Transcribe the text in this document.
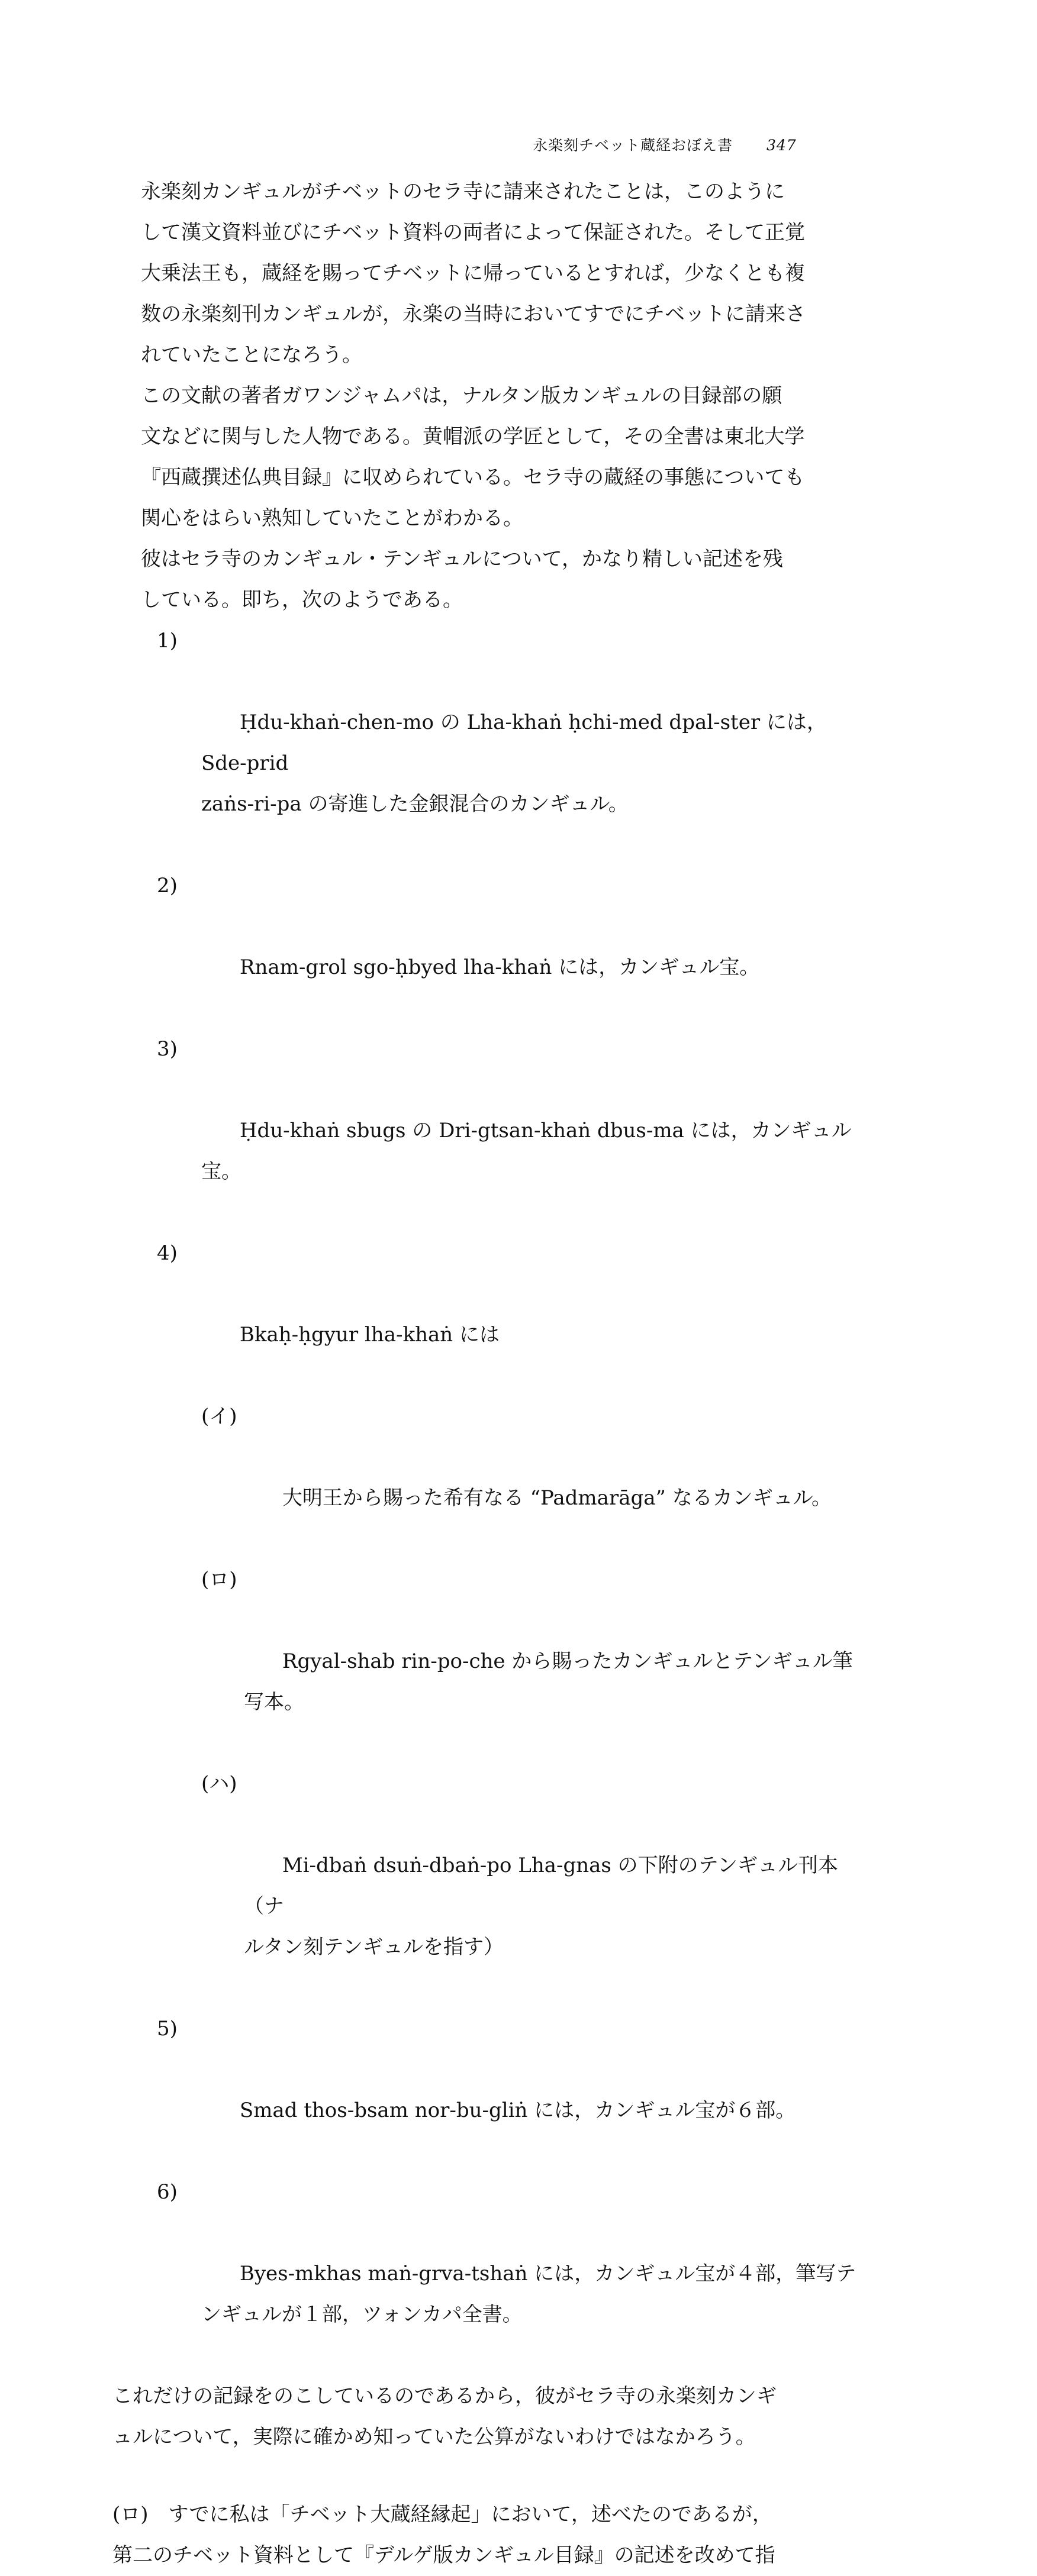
永楽刻チベット蔵経おぼえ書 347

永楽刻カンギュルがチベットのセラ寺に請来されたことは，このように
して漢文資料並びにチベット資料の両者によって保証された。そして正覚
大乗法王も，蔵経を賜ってチベットに帰っているとすれば，少なくとも複
数の永楽刻刊カンギュルが，永楽の当時においてすでにチベットに請来さ
れていたことになろう。

この文献の著者ガワンジャムパは，ナルタン版カンギュルの目録部の願
文などに関与した人物である。黄帽派の学匠として，その全書は東北大学
『西蔵撰述仏典目録』に収められている。セラ寺の蔵経の事態についても
関心をはらい熟知していたことがわかる。

彼はセラ寺のカンギュル・テンギュルについて，かなり精しい記述を残
している。即ち，次のようである。

1)

Ḥdu-khaṅ-chen-mo の Lha-khaṅ ḥchi-med dpal-ster には，Sde-prid
zaṅs-ri-pa の寄進した金銀混合のカンギュル。

2)

Rnam-grol sgo-ḥbyed lha-khaṅ には，カンギュル宝。

3)

Ḥdu-khaṅ sbugs の Dri-gtsan-khaṅ dbus-ma には，カンギュル宝。

4)

Bkaḥ-ḥgyur lha-khaṅ には

(イ)

大明王から賜った希有なる “Padmarāga” なるカンギュル。

(ロ)

Rgyal-shab rin-po-che から賜ったカンギュルとテンギュル筆
写本。

(ハ)

Mi-dbaṅ dsuṅ-dbaṅ-po Lha-gnas の下附のテンギュル刊本（ナ
ルタン刻テンギュルを指す）

5)

Smad thos-bsam nor-bu-gliṅ には，カンギュル宝が６部。

6)

Byes-mkhas maṅ-grva-tshaṅ には，カンギュル宝が４部，筆写テ
ンギュルが１部，ツォンカパ全書。

これだけの記録をのこしているのであるから，彼がセラ寺の永楽刻カンギ
ュルについて，実際に確かめ知っていた公算がないわけではなかろう。

(ロ)　すでに私は「チベット大蔵経縁起」において，述べたのであるが，
第二のチベット資料として『デルゲ版カンギュル目録』の記述を改めて指
